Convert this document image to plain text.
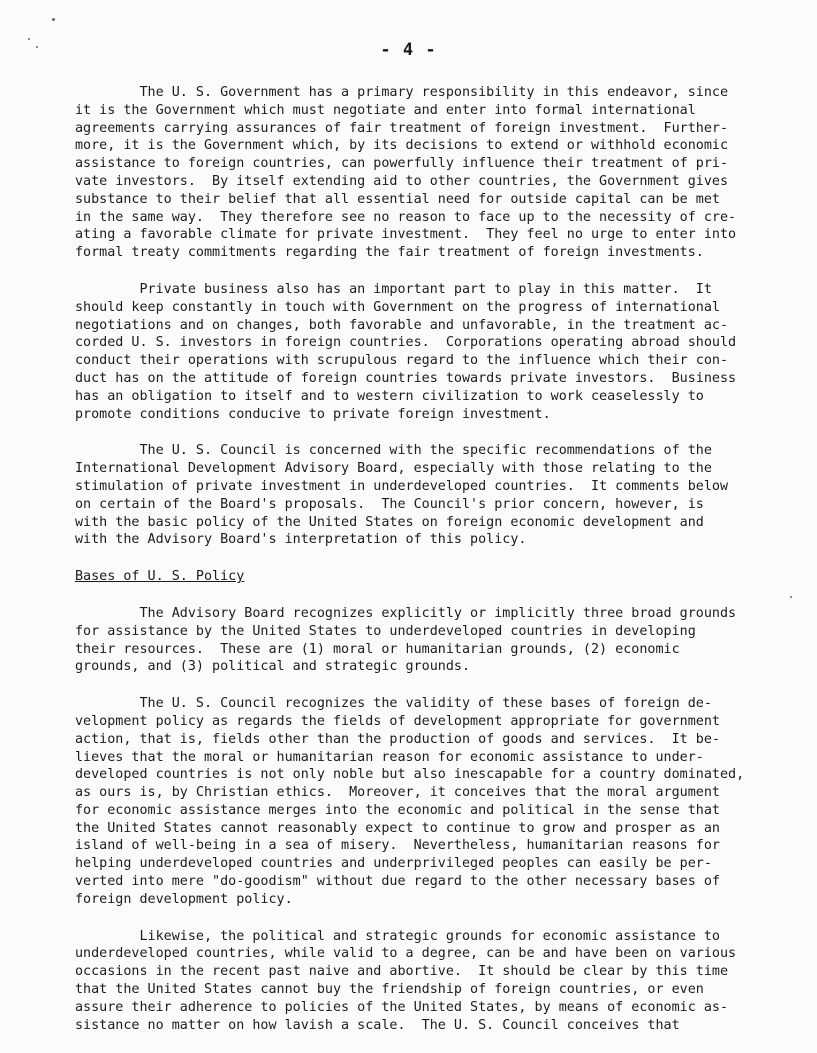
- 4 -

The U. S. Government has a primary responsibility in this endeavor, since
it is the Government which must negotiate and enter into formal international
agreements carrying assurances of fair treatment of foreign investment.  Further-
more, it is the Government which, by its decisions to extend or withhold economic
assistance to foreign countries, can powerfully influence their treatment of pri-
vate investors.  By itself extending aid to other countries, the Government gives
substance to their belief that all essential need for outside capital can be met
in the same way.  They therefore see no reason to face up to the necessity of cre-
ating a favorable climate for private investment.  They feel no urge to enter into
formal treaty commitments regarding the fair treatment of foreign investments.

Private business also has an important part to play in this matter.  It
should keep constantly in touch with Government on the progress of international
negotiations and on changes, both favorable and unfavorable, in the treatment ac-
corded U. S. investors in foreign countries.  Corporations operating abroad should
conduct their operations with scrupulous regard to the influence which their con-
duct has on the attitude of foreign countries towards private investors.  Business
has an obligation to itself and to western civilization to work ceaselessly to
promote conditions conducive to private foreign investment.

The U. S. Council is concerned with the specific recommendations of the
International Development Advisory Board, especially with those relating to the
stimulation of private investment in underdeveloped countries.  It comments below
on certain of the Board's proposals.  The Council's prior concern, however, is
with the basic policy of the United States on foreign economic development and
with the Advisory Board's interpretation of this policy.

Bases of U. S. Policy

The Advisory Board recognizes explicitly or implicitly three broad grounds
for assistance by the United States to underdeveloped countries in developing
their resources.  These are (1) moral or humanitarian grounds, (2) economic
grounds, and (3) political and strategic grounds.

The U. S. Council recognizes the validity of these bases of foreign de-
velopment policy as regards the fields of development appropriate for government
action, that is, fields other than the production of goods and services.  It be-
lieves that the moral or humanitarian reason for economic assistance to under-
developed countries is not only noble but also inescapable for a country dominated,
as ours is, by Christian ethics.  Moreover, it conceives that the moral argument
for economic assistance merges into the economic and political in the sense that
the United States cannot reasonably expect to continue to grow and prosper as an
island of well-being in a sea of misery.  Nevertheless, humanitarian reasons for
helping underdeveloped countries and underprivileged peoples can easily be per-
verted into mere "do-goodism" without due regard to the other necessary bases of
foreign development policy.

Likewise, the political and strategic grounds for economic assistance to
underdeveloped countries, while valid to a degree, can be and have been on various
occasions in the recent past naive and abortive.  It should be clear by this time
that the United States cannot buy the friendship of foreign countries, or even
assure their adherence to policies of the United States, by means of economic as-
sistance no matter on how lavish a scale.  The U. S. Council conceives that
